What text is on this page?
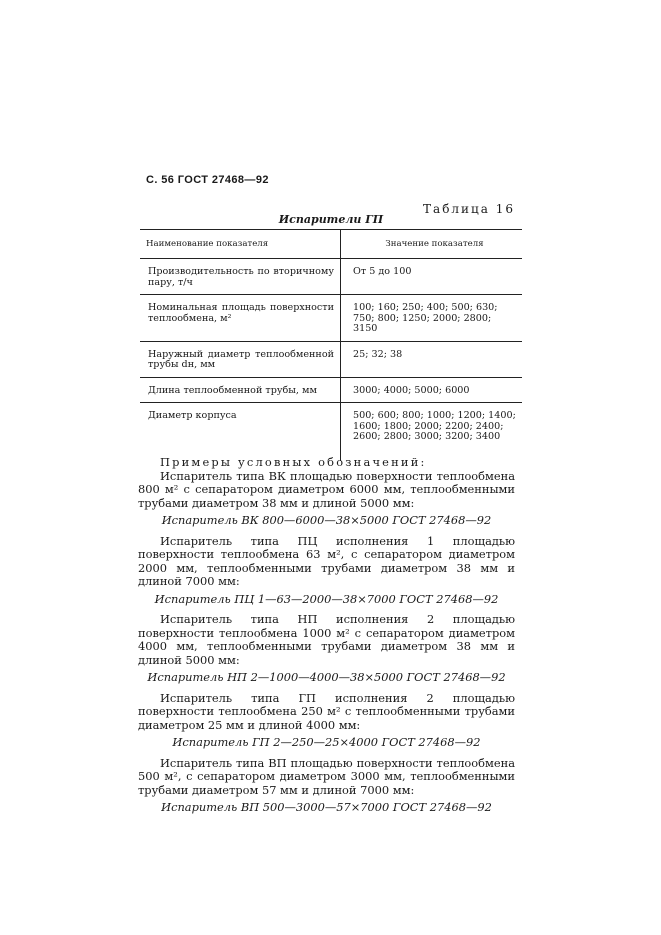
С. 56 ГОСТ 27468—92
Таблица 16
Испарители ГП
Наименование показателя	Значение показателя
Производительность по вторичному пару, т/ч	От 5 до 100
Номинальная площадь поверхности теплообмена, м²	100; 160; 250; 400; 500; 630; 750; 800; 1250; 2000; 2800; 3150
Наружный диаметр теплообменной трубы dн, мм	25; 32; 38
Длина теплообменной трубы, мм	3000; 4000; 5000; 6000
Диаметр корпуса	500; 600; 800; 1000; 1200; 1400; 1600; 1800; 2000; 2200; 2400; 2600; 2800; 3000; 3200; 3400

Примеры условных обозначений:

Испаритель типа ВК площадью поверхности теплообмена 800 м² с сепаратором диаметром 6000 мм, теплообменными трубами диаметром 38 мм и длиной 5000 мм:

Испаритель ВК 800—6000—38×5000 ГОСТ 27468—92

Испаритель типа ПЦ исполнения 1 площадью поверхности теплообмена 63 м², с сепаратором диаметром 2000 мм, теплообменными трубами диаметром 38 мм и длиной 7000 мм:

Испаритель ПЦ 1—63—2000—38×7000 ГОСТ 27468—92

Испаритель типа НП исполнения 2 площадью поверхности теплообмена 1000 м² с сепаратором диаметром 4000 мм, теплообменными трубами диаметром 38 мм и длиной 5000 мм:

Испаритель НП 2—1000—4000—38×5000 ГОСТ 27468—92

Испаритель типа ГП исполнения 2 площадью поверхности теплообмена 250 м² с теплообменными трубами диаметром 25 мм и длиной 4000 мм:

Испаритель ГП 2—250—25×4000 ГОСТ 27468—92

Испаритель типа ВП площадью поверхности теплообмена 500 м², с сепаратором диаметром 3000 мм, теплообменными трубами диаметром 57 мм и длиной 7000 мм:

Испаритель ВП 500—3000—57×7000 ГОСТ 27468—92
